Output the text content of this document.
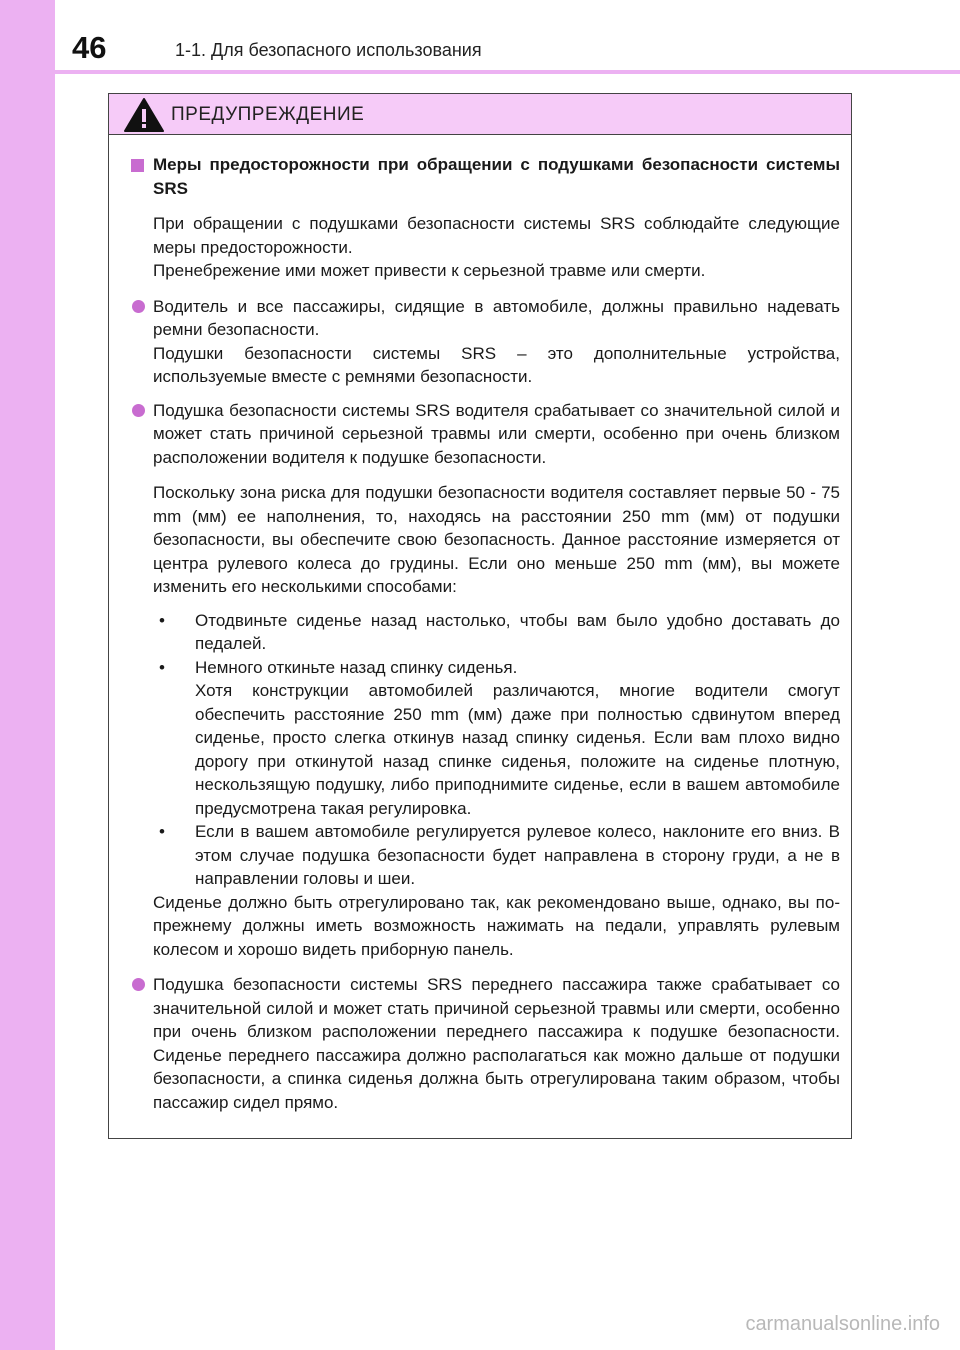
46	1-1. Для безопасного использования
ПРЕДУПРЕЖДЕНИЕ

Меры предосторожности при обращении с подушками безопасности системы SRS

При обращении с подушками безопасности системы SRS соблюдайте следующие меры предосторожности.

Пренебрежение ими может привести к серьезной травме или смерти.

Водитель и все пассажиры, сидящие в автомобиле, должны правильно надевать ремни безопасности.

Подушки безопасности системы SRS – это дополнительные устройства, используемые вместе с ремнями безопасности.

Подушка безопасности системы SRS водителя срабатывает со значительной силой и может стать причиной серьезной травмы или смерти, особенно при очень близком расположении водителя к подушке безопасности.

Поскольку зона риска для подушки безопасности водителя составляет первые 50 - 75 mm (мм) ее наполнения, то, находясь на расстоянии 250 mm (мм) от подушки безопасности, вы обеспечите свою безопасность. Данное расстояние измеряется от центра рулевого колеса до грудины. Если оно меньше 250 mm (мм), вы можете изменить его несколькими способами:

• Отодвиньте сиденье назад настолько, чтобы вам было удобно доставать до педалей.

• Немного откиньте назад спинку сиденья.

Хотя конструкции автомобилей различаются, многие водители смогут обеспечить расстояние 250 mm (мм) даже при полностью сдвинутом вперед сиденье, просто слегка откинув назад спинку сиденья. Если вам плохо видно дорогу при откинутой назад спинке сиденья, положите на сиденье плотную, нескользящую подушку, либо приподнимите сиденье, если в вашем автомобиле предусмотрена такая регулировка.

• Если в вашем автомобиле регулируется рулевое колесо, наклоните его вниз. В этом случае подушка безопасности будет направлена в сторону груди, а не в направлении головы и шеи.

Сиденье должно быть отрегулировано так, как рекомендовано выше, однако, вы по-прежнему должны иметь возможность нажимать на педали, управлять рулевым колесом и хорошо видеть приборную панель.

Подушка безопасности системы SRS переднего пассажира также срабатывает со значительной силой и может стать причиной серьезной травмы или смерти, особенно при очень близком расположении переднего пассажира к подушке безопасности. Сиденье переднего пассажира должно располагаться как можно дальше от подушки безопасности, а спинка сиденья должна быть отрегулирована таким образом, чтобы пассажир сидел прямо.

carmanualsonline.info
